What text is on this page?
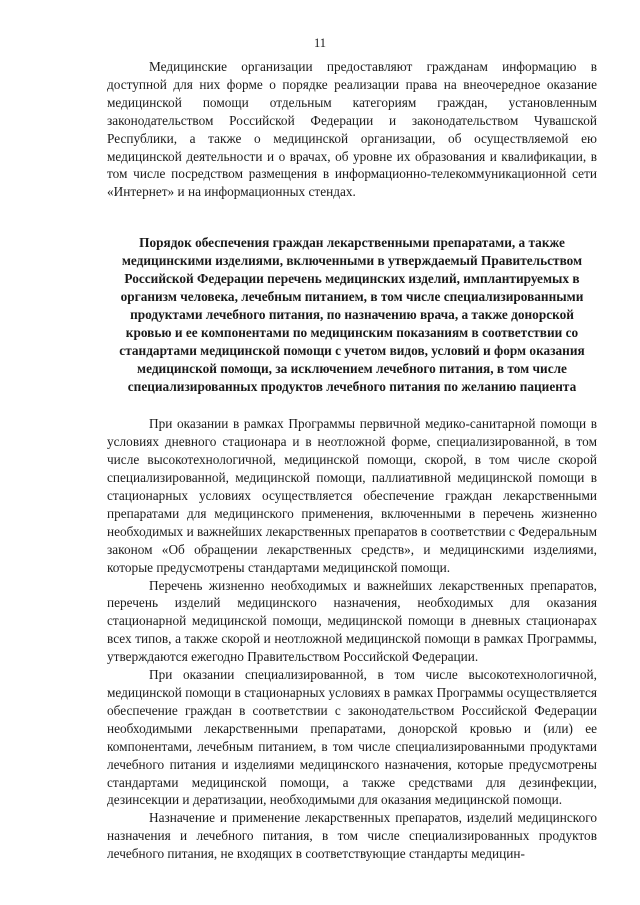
11

Медицинские организации предоставляют гражданам информацию в доступной для них форме о порядке реализации права на внеочередное оказание медицинской помощи отдельным категориям граждан, установленным законодательством Российской Федерации и законодательством Чувашской Республики, а также о медицинской организации, об осуществляемой ею медицинской деятельности и о врачах, об уровне их образования и квалификации, в том числе посредством размещения в информационно-телекоммуникационной сети «Интернет» и на информационных стендах.

Порядок обеспечения граждан лекарственными препаратами, а также медицинскими изделиями, включенными в утверждаемый Правительством Российской Федерации перечень медицинских изделий, имплантируемых в организм человека, лечебным питанием, в том числе специализированными продуктами лечебного питания, по назначению врача, а также донорской кровью и ее компонентами по медицинским показаниям в соответствии со стандартами медицинской помощи с учетом видов, условий и форм оказания медицинской помощи, за исключением лечебного питания, в том числе специализированных продуктов лечебного питания по желанию пациента

При оказании в рамках Программы первичной медико-санитарной помощи в условиях дневного стационара и в неотложной форме, специализированной, в том числе высокотехнологичной, медицинской помощи, скорой, в том числе скорой специализированной, медицинской помощи, паллиативной медицинской помощи в стационарных условиях осуществляется обеспечение граждан лекарственными препаратами для медицинского применения, включенными в перечень жизненно необходимых и важнейших лекарственных препаратов в соответствии с Федеральным законом «Об обращении лекарственных средств», и медицинскими изделиями, которые предусмотрены стандартами медицинской помощи.

Перечень жизненно необходимых и важнейших лекарственных препаратов, перечень изделий медицинского назначения, необходимых для оказания стационарной медицинской помощи, медицинской помощи в дневных стационарах всех типов, а также скорой и неотложной медицинской помощи в рамках Программы, утверждаются ежегодно Правительством Российской Федерации.

При оказании специализированной, в том числе высокотехнологичной, медицинской помощи в стационарных условиях в рамках Программы осуществляется обеспечение граждан в соответствии с законодательством Российской Федерации необходимыми лекарственными препаратами, донорской кровью и (или) ее компонентами, лечебным питанием, в том числе специализированными продуктами лечебного питания и изделиями медицинского назначения, которые предусмотрены стандартами медицинской помощи, а также средствами для дезинфекции, дезинсекции и дератизации, необходимыми для оказания медицинской помощи.

Назначение и применение лекарственных препаратов, изделий медицинского назначения и лечебного питания, в том числе специализированных продуктов лечебного питания, не входящих в соответствующие стандарты медицин-
